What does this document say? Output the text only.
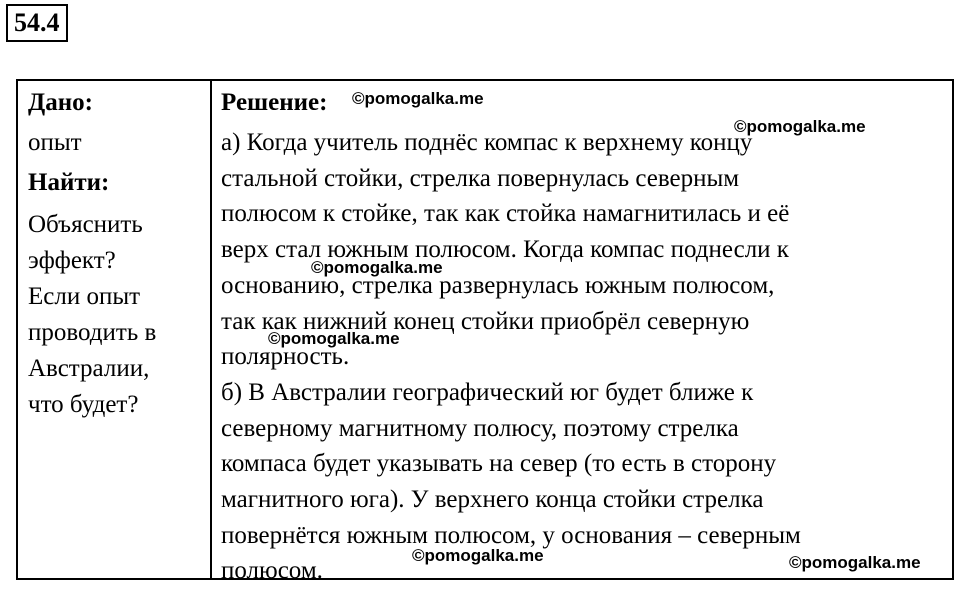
54.4
Дано:
опыт
Найти:
Объяснить
эффект?
Если опыт
проводить в
Австралии,
что будет?
Решение:

а) Когда учитель поднёс компас к верхнему концу

стальной стойки, стрелка повернулась северным

полюсом к стойке, так как стойка намагнитилась и её

верх стал южным полюсом. Когда компас поднесли к

основанию, стрелка развернулась южным полюсом,

так как нижний конец стойки приобрёл северную

полярность.

б) В Австралии географический юг будет ближе к

северному магнитному полюсу, поэтому стрелка

компаса будет указывать на север (то есть в сторону

магнитного юга). У верхнего конца стойки стрелка

повернётся южным полюсом, у основания – северным

полюсом.

©pomogalka.me
©pomogalka.me
©pomogalka.me
©pomogalka.me
©pomogalka.me	©pomogalka.me
